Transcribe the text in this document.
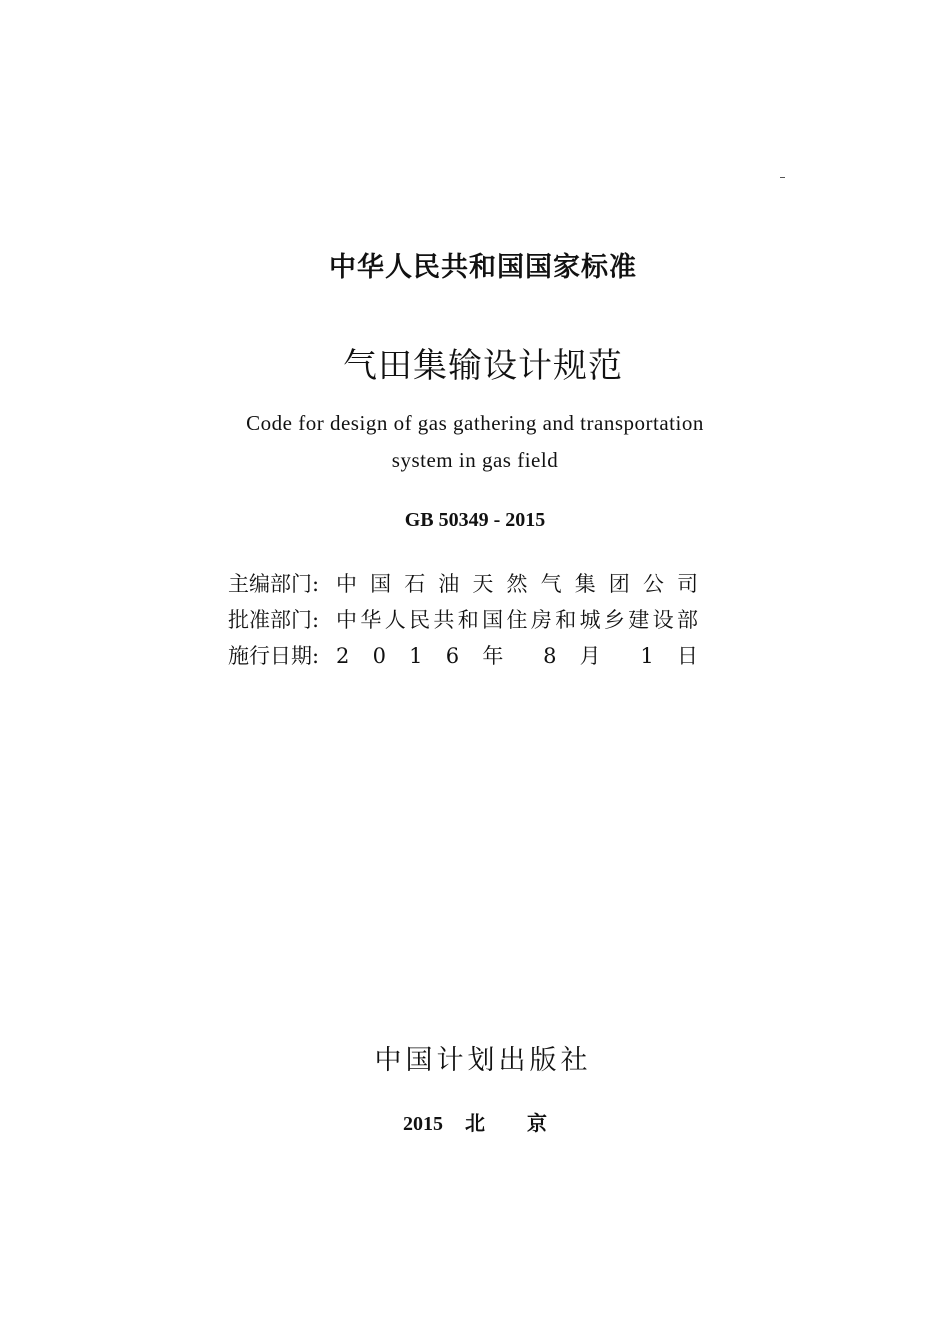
中华人民共和国国家标准
气田集输设计规范
Code for design of gas gathering and transportation
system in gas field
GB 50349 - 2015
主编部门: 中 国 石 油 天 然 气 集 团 公 司
批准部门: 中华人民共和国住房和城乡建设部
施行日期: 2 0 1 6 年 8 月 1 日
中国计划出版社
2015 北京
